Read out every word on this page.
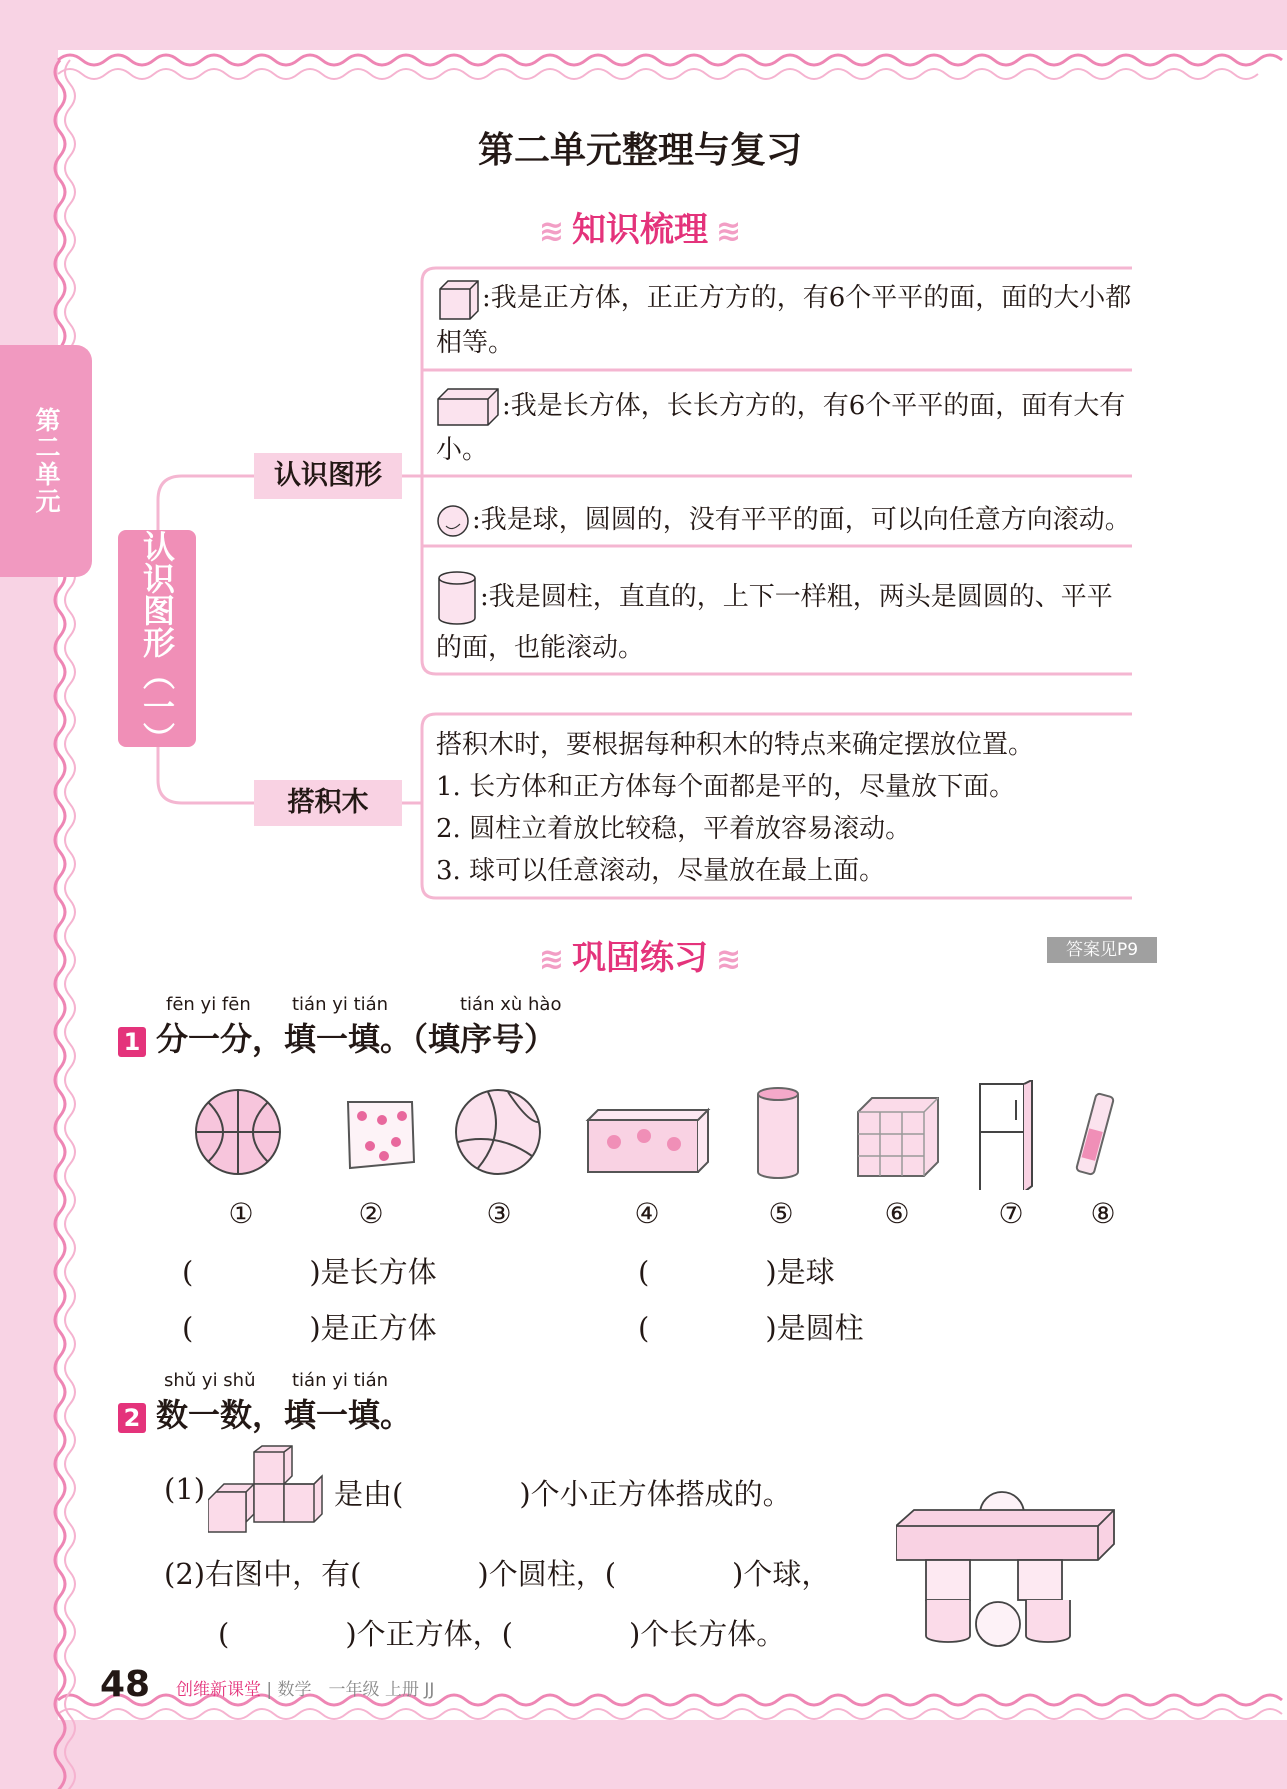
第二单元
第二单元整理与复习
≋ 知识梳理 ≋
认识图形（一）
认识图形
搭积木
:我是正方体，正正方方的，有6个平平的面，面的大小都相等。
:我是长方体，长长方方的，有6个平平的面，面有大有小。
:我是球，圆圆的，没有平平的面，可以向任意方向滚动。
:我是圆柱，直直的，上下一样粗，两头是圆圆的、平平的面，也能滚动。
搭积木时，要根据每种积木的特点来确定摆放位置。
1. 长方体和正方体每个面都是平的，尽量放下面。
2. 圆柱立着放比较稳，平着放容易滚动。
3. 球可以任意滚动，尽量放在最上面。
≋ 巩固练习 ≋	答案见P9
fēn yi fēn tián yi tián	tián xù hào
1 分一分，填一填。（填序号）
①	②	③	④	⑤	⑥	⑦	⑧
(　　　　)是长方体	(　　　　)是球
(　　　　)是正方体	(　　　　)是圆柱
shǔ yi shǔ tián yi tián
2 数一数，填一填。
(1)	是由(　　　　)个小正方体搭成的。
(2)右图中，有(　　　　)个圆柱，(　　　　)个球，
(　　　　)个正方体，(　　　　)个长方体。
48 创维新课堂 | 数学　一年级 上册 JJ
